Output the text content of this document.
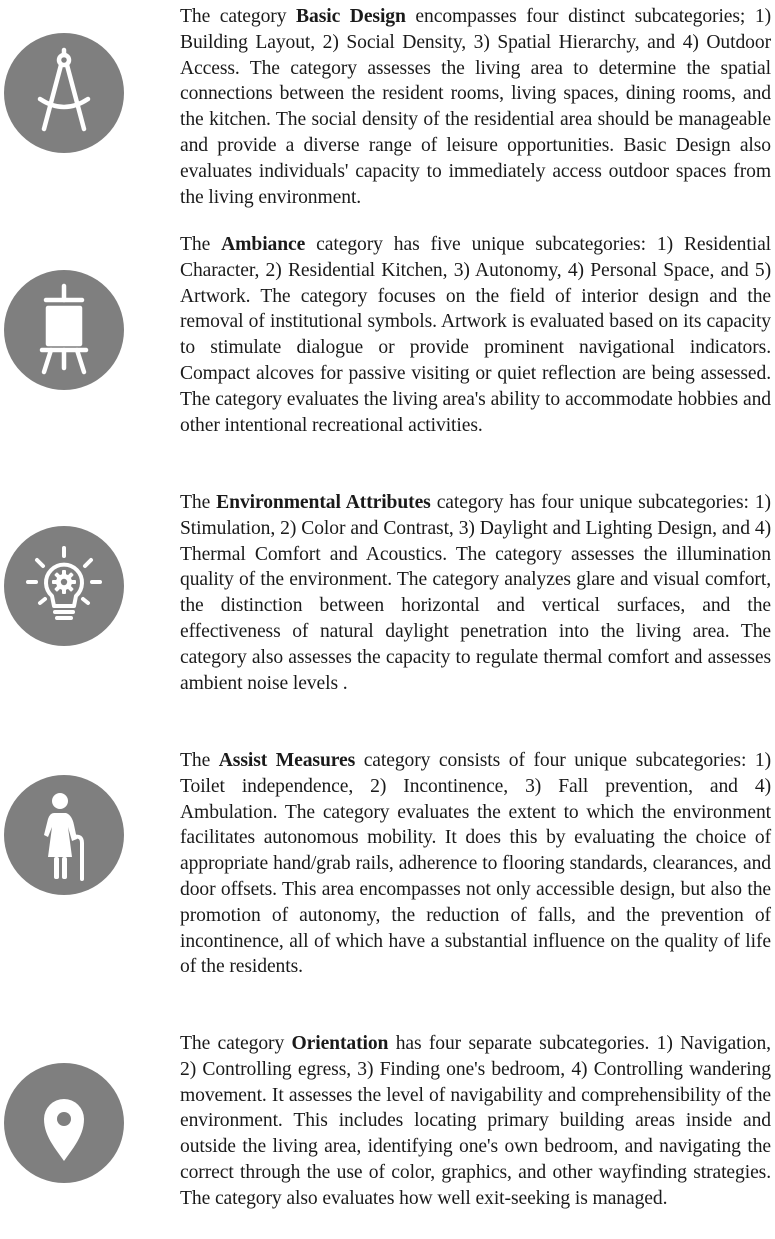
The category Basic Design encompasses four distinct subcategories; 1) Building Layout, 2) Social Density, 3) Spatial Hierarchy, and 4) Outdoor Access. The category assesses the living area to determine the spatial connections between the resident rooms, living spaces, dining rooms, and the kitchen. The social density of the residential area should be manageable and provide a diverse range of leisure opportunities. Basic Design also evaluates individuals' capacity to immediately access outdoor spaces from the living environment.

The Ambiance category has five unique subcategories: 1) Residential Character, 2) Residential Kitchen, 3) Autonomy, 4) Personal Space, and 5) Artwork. The category focuses on the field of interior design and the removal of institutional symbols. Artwork is evaluated based on its capacity to stimulate dialogue or provide prominent navigational indicators. Compact alcoves for passive visiting or quiet reflection are being assessed. The category evaluates the living area's ability to accommodate hobbies and other intentional recreational activities.

The Environmental Attributes category has four unique subcategories: 1) Stimulation, 2) Color and Contrast, 3) Daylight and Lighting Design, and 4) Thermal Comfort and Acoustics. The category assesses the illumination quality of the environment. The category analyzes glare and visual comfort, the distinction between horizontal and vertical surfaces, and the effectiveness of natural daylight penetration into the living area. The category also assesses the capacity to regulate thermal comfort and assesses ambient noise levels .

The Assist Measures category consists of four unique subcategories: 1) Toilet independence, 2) Incontinence, 3) Fall prevention, and 4) Ambulation. The category evaluates the extent to which the environment facilitates autonomous mobility. It does this by evaluating the choice of appropriate hand/grab rails, adherence to flooring standards, clearances, and door offsets. This area encompasses not only accessible design, but also the promotion of autonomy, the reduction of falls, and the prevention of incontinence, all of which have a substantial influence on the quality of life of the residents.

The category Orientation has four separate subcategories. 1) Navigation, 2) Controlling egress, 3) Finding one's bedroom, 4) Controlling wandering movement. It assesses the level of navigability and comprehensibility of the environment. This includes locating primary building areas inside and outside the living area, identifying one's own bedroom, and navigating the correct through the use of color, graphics, and other wayfinding strategies. The category also evaluates how well exit-seeking is managed.
